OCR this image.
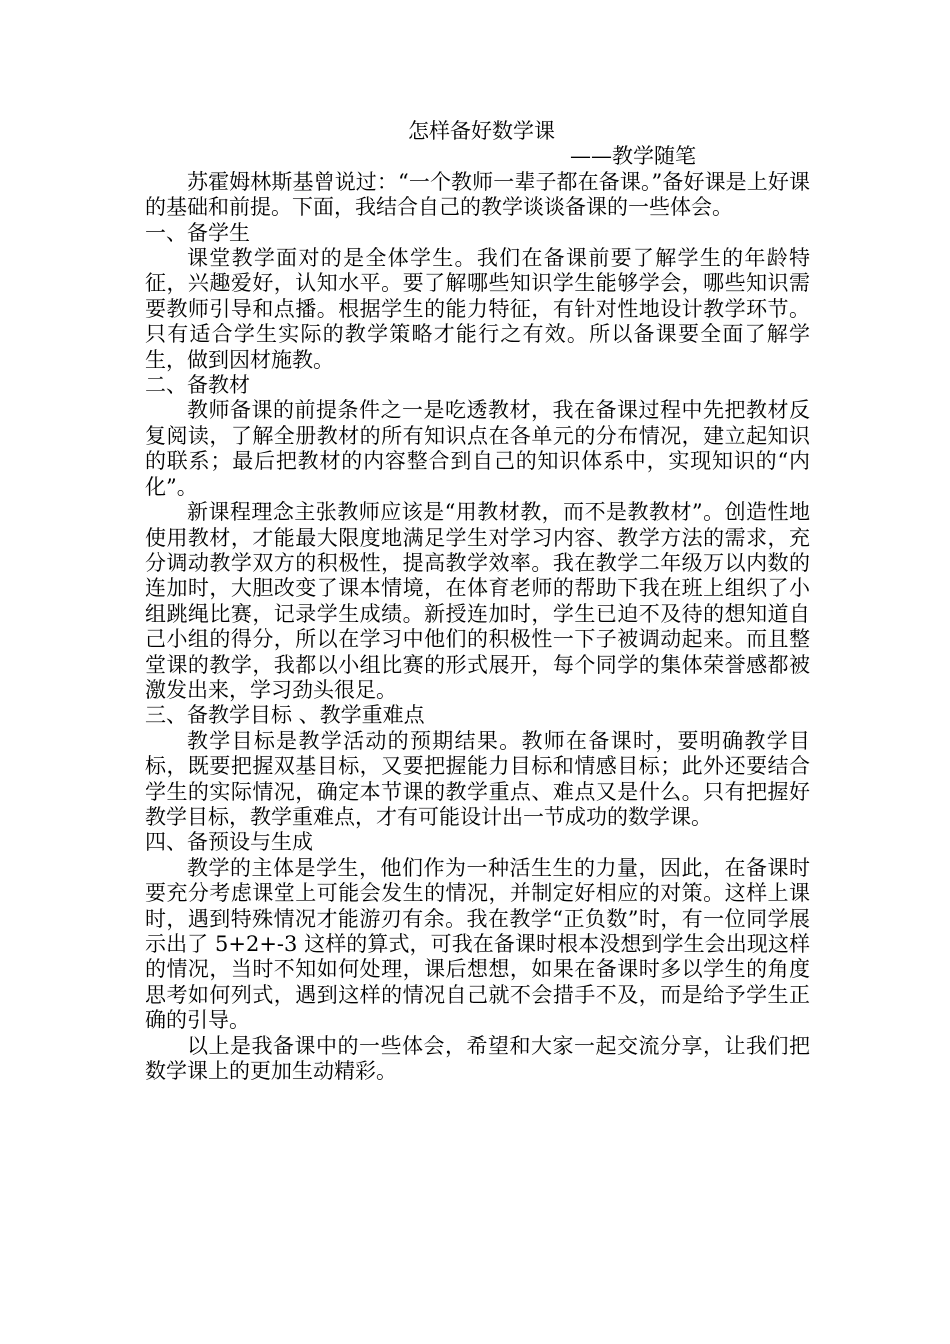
怎样备好数学课

——教学随笔

苏霍姆林斯基曾说过：“一个教师一辈子都在备课。”备好课是上好课的基础和前提。下面，我结合自己的教学谈谈备课的一些体会。

一、备学生

课堂教学面对的是全体学生。我们在备课前要了解学生的年龄特征，兴趣爱好，认知水平。要了解哪些知识学生能够学会，哪些知识需要教师引导和点播。根据学生的能力特征，有针对性地设计教学环节。只有适合学生实际的教学策略才能行之有效。所以备课要全面了解学生，做到因材施教。

二、备教材

教师备课的前提条件之一是吃透教材，我在备课过程中先把教材反复阅读，了解全册教材的所有知识点在各单元的分布情况，建立起知识的联系；最后把教材的内容整合到自己的知识体系中，实现知识的“内化”。

新课程理念主张教师应该是“用教材教，而不是教教材”。创造性地使用教材，才能最大限度地满足学生对学习内容、教学方法的需求，充分调动教学双方的积极性，提高教学效率。我在教学二年级万以内数的连加时，大胆改变了课本情境，在体育老师的帮助下我在班上组织了小组跳绳比赛，记录学生成绩。新授连加时，学生已迫不及待的想知道自己小组的得分，所以在学习中他们的积极性一下子被调动起来。而且整堂课的教学，我都以小组比赛的形式展开，每个同学的集体荣誉感都被激发出来，学习劲头很足。

三、备教学目标 、教学重难点

教学目标是教学活动的预期结果。教师在备课时，要明确教学目标，既要把握双基目标，又要把握能力目标和情感目标；此外还要结合学生的实际情况，确定本节课的教学重点、难点又是什么。只有把握好教学目标，教学重难点，才有可能设计出一节成功的数学课。

四、备预设与生成

教学的主体是学生，他们作为一种活生生的力量，因此，在备课时要充分考虑课堂上可能会发生的情况，并制定好相应的对策。这样上课时，遇到特殊情况才能游刃有余。我在教学“正负数”时，有一位同学展示出了 5+2+-3 这样的算式，可我在备课时根本没想到学生会出现这样的情况，当时不知如何处理，课后想想，如果在备课时多以学生的角度思考如何列式，遇到这样的情况自己就不会措手不及，而是给予学生正确的引导。

以上是我备课中的一些体会，希望和大家一起交流分享，让我们把数学课上的更加生动精彩。
